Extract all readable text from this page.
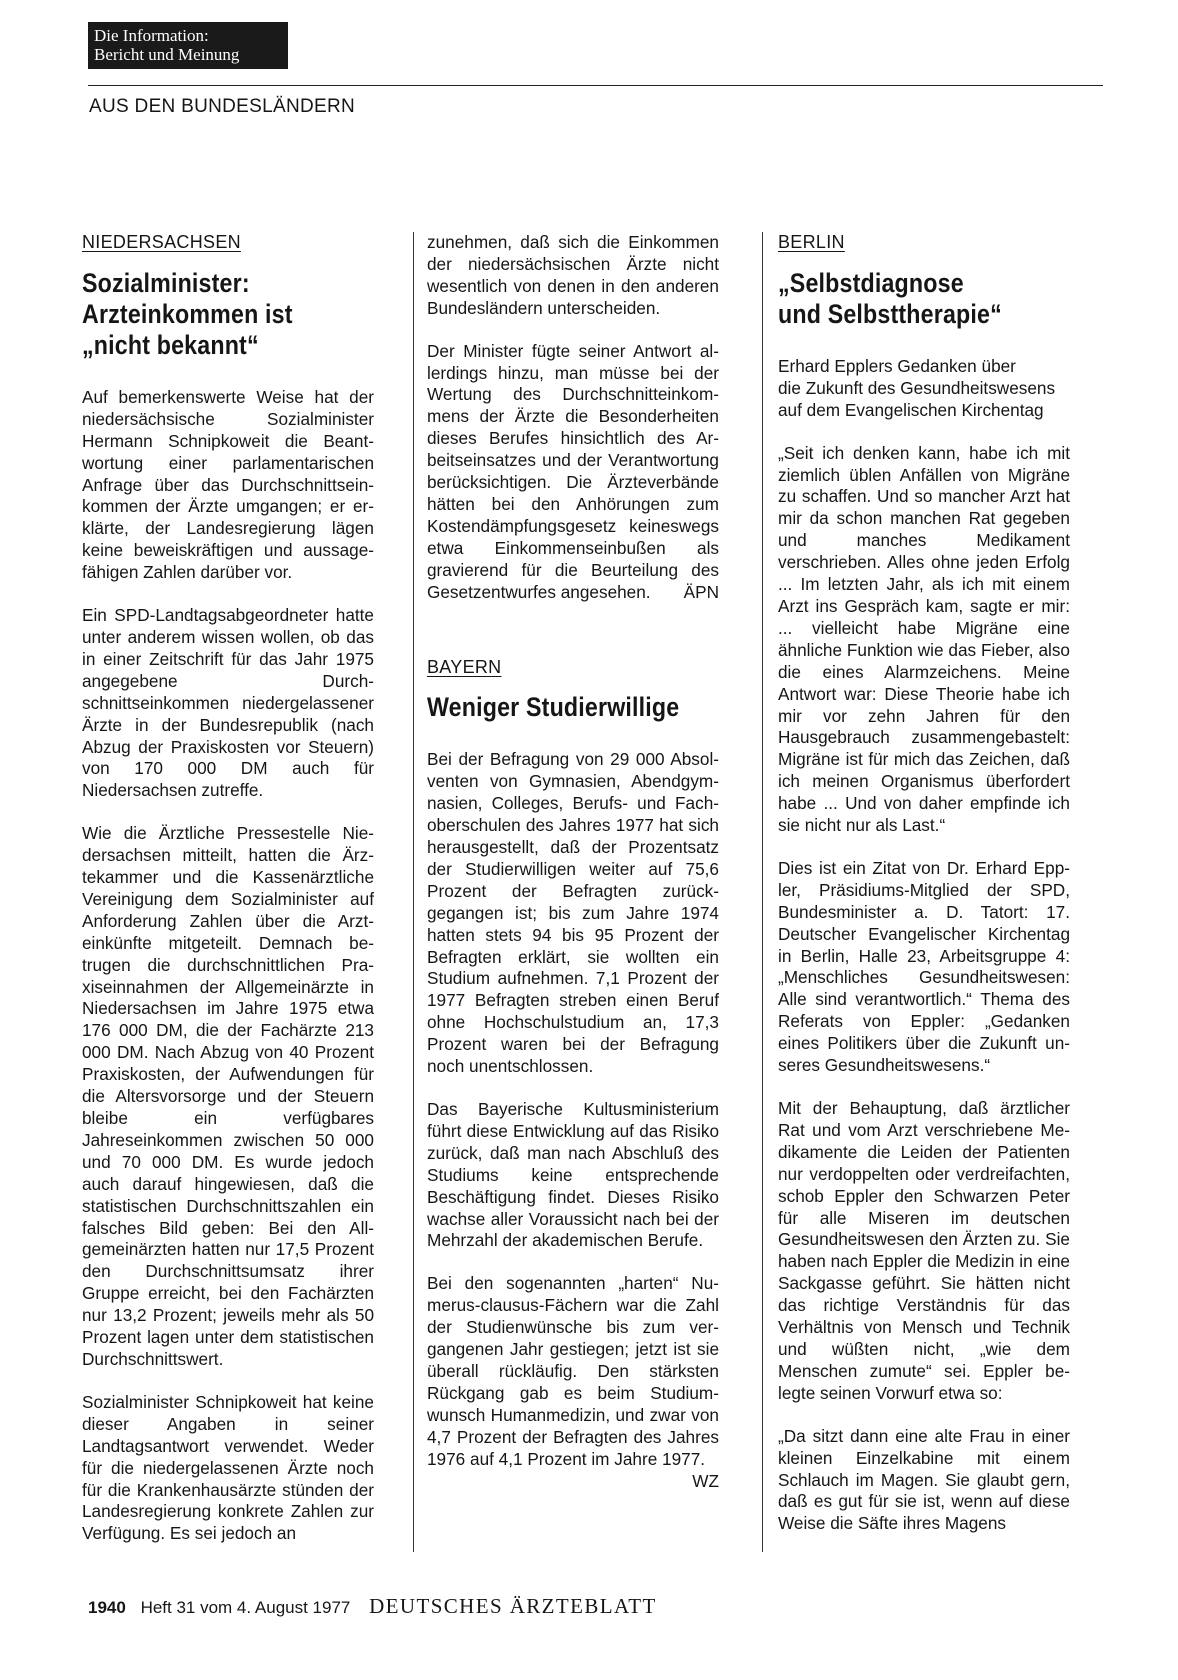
Die Information:
Bericht und Meinung
AUS DEN BUNDESLÄNDERN
NIEDERSACHSEN
Sozialminister:
Arzteinkommen ist
„nicht bekannt“

Auf bemerkenswerte Weise hat der niedersächsische Sozialminister Hermann Schnipkoweit die Beantwortung einer parlamentarischen Anfrage über das Durchschnittseinkommen der Ärzte umgangen; er erklärte, der Landesregierung lägen keine beweiskräftigen und aussagefähigen Zahlen darüber vor.

Ein SPD-Landtagsabgeordneter hatte unter anderem wissen wollen, ob das in einer Zeitschrift für das Jahr 1975 angegebene Durchschnittseinkommen niedergelassener Ärzte in der Bundesrepublik (nach Abzug der Praxiskosten vor Steuern) von 170 000 DM auch für Niedersachsen zutreffe.

Wie die Ärztliche Pressestelle Niedersachsen mitteilt, hatten die Ärztekammer und die Kassenärztliche Vereinigung dem Sozialminister auf Anforderung Zahlen über die Arzteinkünfte mitgeteilt. Demnach betrugen die durchschnittlichen Praxiseinnahmen der Allgemeinärzte in Niedersachsen im Jahre 1975 etwa 176 000 DM, die der Fachärzte 213 000 DM. Nach Abzug von 40 Prozent Praxiskosten, der Aufwendungen für die Altersvorsorge und der Steuern bleibe ein verfügbares Jahreseinkommen zwischen 50 000 und 70 000 DM. Es wurde jedoch auch darauf hingewiesen, daß die statistischen Durchschnittszahlen ein falsches Bild geben: Bei den Allgemeinärzten hatten nur 17,5 Prozent den Durchschnittsumsatz ihrer Gruppe erreicht, bei den Fachärzten nur 13,2 Prozent; jeweils mehr als 50 Prozent lagen unter dem statistischen Durchschnittswert.

Sozialminister Schnipkoweit hat keine dieser Angaben in seiner Landtagsantwort verwendet. Weder für die niedergelassenen Ärzte noch für die Krankenhausärzte stünden der Landesregierung konkrete Zahlen zur Verfügung. Es sei jedoch an

zunehmen, daß sich die Einkommen der niedersächsischen Ärzte nicht wesentlich von denen in den anderen Bundesländern unterscheiden.

Der Minister fügte seiner Antwort allerdings hinzu, man müsse bei der Wertung des Durchschnitteinkommens der Ärzte die Besonderheiten dieses Berufes hinsichtlich des Arbeitseinsatzes und der Verantwortung berücksichtigen. Die Ärzteverbände hätten bei den Anhörungen zum Kostendämpfungsgesetz keineswegs etwa Einkommenseinbußen als gravierend für die Beurteilung des Gesetzentwurfes angesehen. ÄPN

BAYERN
Weniger Studierwillige

Bei der Befragung von 29 000 Absolventen von Gymnasien, Abendgymnasien, Colleges, Berufs- und Fachoberschulen des Jahres 1977 hat sich herausgestellt, daß der Prozentsatz der Studierwilligen weiter auf 75,6 Prozent der Befragten zurückgegangen ist; bis zum Jahre 1974 hatten stets 94 bis 95 Prozent der Befragten erklärt, sie wollten ein Studium aufnehmen. 7,1 Prozent der 1977 Befragten streben einen Beruf ohne Hochschulstudium an, 17,3 Prozent waren bei der Befragung noch unentschlossen.

Das Bayerische Kultusministerium führt diese Entwicklung auf das Risiko zurück, daß man nach Abschluß des Studiums keine entsprechende Beschäftigung findet. Dieses Risiko wachse aller Voraussicht nach bei der Mehrzahl der akademischen Berufe.

Bei den sogenannten „harten“ Numerus-clausus-Fächern war die Zahl der Studienwünsche bis zum vergangenen Jahr gestiegen; jetzt ist sie überall rückläufig. Den stärksten Rückgang gab es beim Studiumwunsch Humanmedizin, und zwar von 4,7 Prozent der Befragten des Jahres 1976 auf 4,1 Prozent im Jahre 1977.
WZ

BERLIN
„Selbstdiagnose
und Selbsttherapie“

Erhard Epplers Gedanken über
die Zukunft des Gesundheitswesens
auf dem Evangelischen Kirchentag

„Seit ich denken kann, habe ich mit ziemlich üblen Anfällen von Migräne zu schaffen. Und so mancher Arzt hat mir da schon manchen Rat gegeben und manches Medikament verschrieben. Alles ohne jeden Erfolg ... Im letzten Jahr, als ich mit einem Arzt ins Gespräch kam, sagte er mir: ... vielleicht habe Migräne eine ähnliche Funktion wie das Fieber, also die eines Alarmzeichens. Meine Antwort war: Diese Theorie habe ich mir vor zehn Jahren für den Hausgebrauch zusammengebastelt: Migräne ist für mich das Zeichen, daß ich meinen Organismus überfordert habe ... Und von daher empfinde ich sie nicht nur als Last.“

Dies ist ein Zitat von Dr. Erhard Eppler, Präsidiums-Mitglied der SPD, Bundesminister a. D. Tatort: 17. Deutscher Evangelischer Kirchentag in Berlin, Halle 23, Arbeitsgruppe 4: „Menschliches Gesundheitswesen: Alle sind verantwortlich.“ Thema des Referats von Eppler: „Gedanken eines Politikers über die Zukunft unseres Gesundheitswesens.“

Mit der Behauptung, daß ärztlicher Rat und vom Arzt verschriebene Medikamente die Leiden der Patienten nur verdoppelten oder verdreifachten, schob Eppler den Schwarzen Peter für alle Miseren im deutschen Gesundheitswesen den Ärzten zu. Sie haben nach Eppler die Medizin in eine Sackgasse geführt. Sie hätten nicht das richtige Verständnis für das Verhältnis von Mensch und Technik und wüßten nicht, „wie dem Menschen zumute“ sei. Eppler belegte seinen Vorwurf etwa so:

„Da sitzt dann eine alte Frau in einer kleinen Einzelkabine mit einem Schlauch im Magen. Sie glaubt gern, daß es gut für sie ist, wenn auf diese Weise die Säfte ihres Magens

1940 Heft 31 vom 4. August 1977 DEUTSCHES ÄRZTEBLATT
